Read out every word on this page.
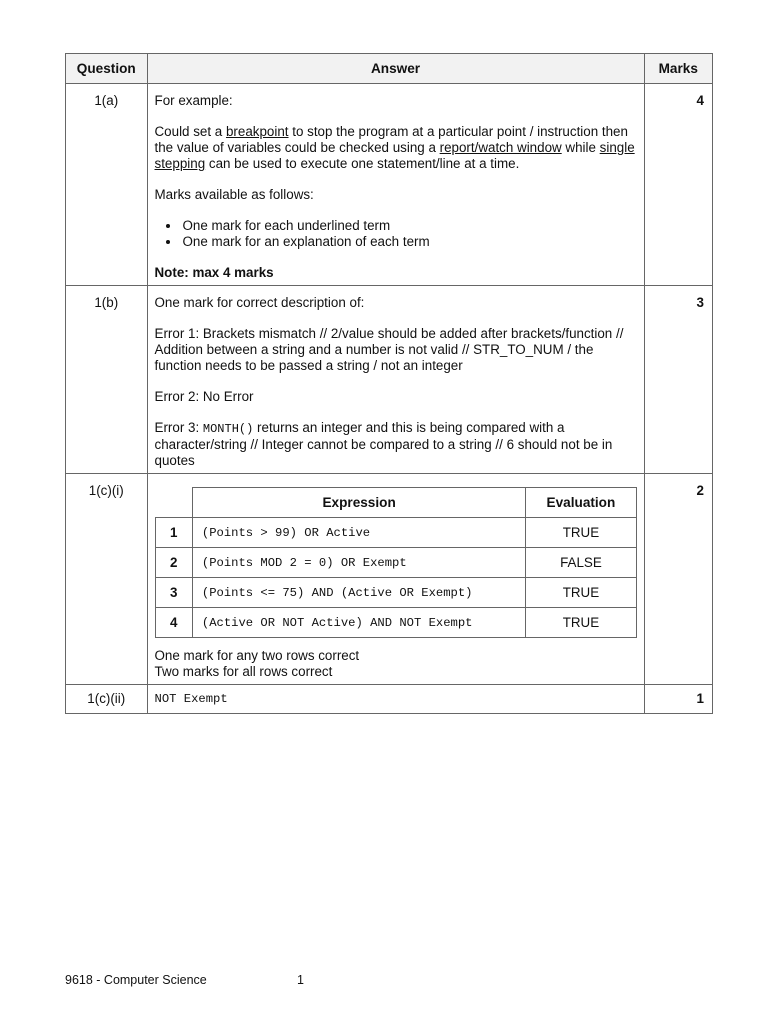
Question	Answer	Marks
1(a)	For example:

Could set a breakpoint to stop the program at a particular point / instruction then the value of variables could be checked using a report/watch window while single stepping can be used to execute one statement/line at a time.

Marks available as follows:

• One mark for each underlined term
• One mark for an explanation of each term

Note: max 4 marks

	4
1(b)	One mark for correct description of:

Error 1: Brackets mismatch // 2/value should be added after brackets/function // Addition between a string and a number is not valid // STR_TO_NUM / the function needs to be passed a string / not an integer

Error 2: No Error

Error 3: MONTH() returns an integer and this is being compared with a character/string // Integer cannot be compared to a string // 6 should not be in quotes

	3
1(c)(i)	
	Expression	Evaluation
1	(Points > 99) OR Active	TRUE
2	(Points MOD 2 = 0) OR Exempt	FALSE
3	(Points <= 75) AND (Active OR Exempt)	TRUE
4	(Active OR NOT Active) AND NOT Exempt	TRUE

One mark for any two rows correct

Two marks for all rows correct

	2
1(c)(ii)	NOT Exempt	1
9618 - Computer Science	1
